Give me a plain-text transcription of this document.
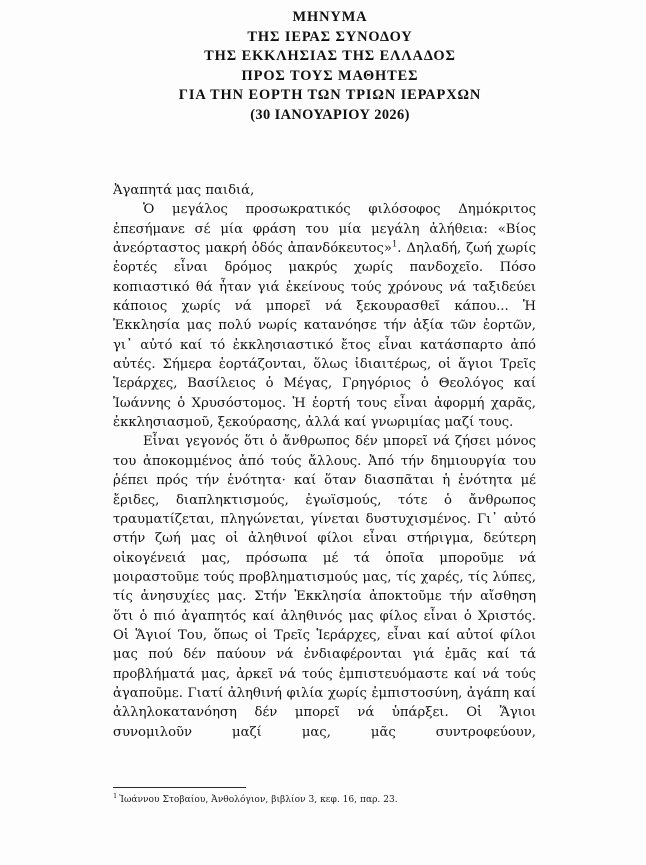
ΜΗΝΥΜΑ
ΤΗΣ ΙΕΡΑΣ ΣΥΝΟΔΟΥ
ΤΗΣ ΕΚΚΛΗΣΙΑΣ ΤΗΣ ΕΛΛΑΔΟΣ
ΠΡΟΣ ΤΟΥΣ ΜΑΘΗΤΕΣ
ΓΙΑ ΤΗΝ ΕΟΡΤΗ ΤΩΝ ΤΡΙΩΝ ΙΕΡΑΡΧΩΝ
(30 ΙΑΝΟΥΑΡΙΟΥ 2026)

Ἀγαπητά μας παιδιά,

Ὁ μεγάλος προσωκρατικός φιλόσοφος Δημόκριτος ἐπεσήμανε σέ μία φράση του μία μεγάλη ἀλήθεια: «Βίος ἀνεόρταστος μακρή ὁδός ἀπανδόκευτος»$^1$. Δηλαδή, ζωή χωρίς ἑορτές εἶναι δρόμος μακρύς χωρίς πανδοχεῖο. Πόσο κοπιαστικό θά ἦταν γιά ἐκείνους τούς χρόνους νά ταξιδεύει κάποιος χωρίς νά μπορεῖ νά ξεκουρασθεῖ κάπου... Ἡ Ἐκκλησία μας πολύ νωρίς κατανόησε τήν ἀξία τῶν ἑορτῶν, γι᾽ αὐτό καί τό ἐκκλησιαστικό ἔτος εἶναι κατάσπαρτο ἀπό αὐτές. Σήμερα ἑορτάζονται, ὅλως ἰδιαιτέρως, οἱ ἅγιοι Τρεῖς Ἱεράρχες, Βασίλειος ὁ Μέγας, Γρηγόριος ὁ Θεολόγος καί Ἰωάννης ὁ Χρυσόστομος. Ἡ ἑορτή τους εἶναι ἀφορμή χαρᾶς, ἐκκλησιασμοῦ, ξεκούρασης, ἀλλά καί γνωριμίας μαζί τους.

Εἶναι γεγονός ὅτι ὁ ἄνθρωπος δέν μπορεῖ νά ζήσει μόνος του ἀποκομμένος ἀπό τούς ἄλλους. Ἀπό τήν δημιουργία του ῥέπει πρός τήν ἑνότητα· καί ὅταν διασπᾶται ἡ ἑνότητα μέ ἔριδες, διαπληκτισμούς, ἐγωϊσμούς, τότε ὁ ἄνθρωπος τραυματίζεται, πληγώνεται, γίνεται δυστυχισμένος. Γι᾽ αὐτό στήν ζωή μας οἱ ἀληθινοί φίλοι εἶναι στήριγμα, δεύτερη οἰκογένειά μας, πρόσωπα μέ τά ὁποῖα μποροῦμε νά μοιραστοῦμε τούς προβληματισμούς μας, τίς χαρές, τίς λύπες, τίς ἀνησυχίες μας. Στήν Ἐκκλησία ἀποκτοῦμε τήν αἴσθηση ὅτι ὁ πιό ἀγαπητός καί ἀληθινός μας φίλος εἶναι ὁ Χριστός. Οἱ Ἅγιοί Του, ὅπως οἱ Τρεῖς Ἱεράρχες, εἶναι καί αὐτοί φίλοι μας πού δέν παύουν νά ἐνδιαφέρονται γιά ἐμᾶς καί τά προβλήματά μας, ἀρκεῖ νά τούς ἐμπιστευόμαστε καί νά τούς ἀγαποῦμε. Γιατί ἀληθινή φιλία χωρίς ἐμπιστοσύνη, ἀγάπη καί ἀλληλοκατανόηση δέν μπορεῖ νά ὑπάρξει. Οἱ Ἅγιοι συνομιλοῦν μαζί μας, μᾶς συντροφεύουν,

$^1$ Ἰωάννου Στοβαίου, Ἀνθολόγιον, βιβλίον 3, κεφ. 16, παρ. 23.
